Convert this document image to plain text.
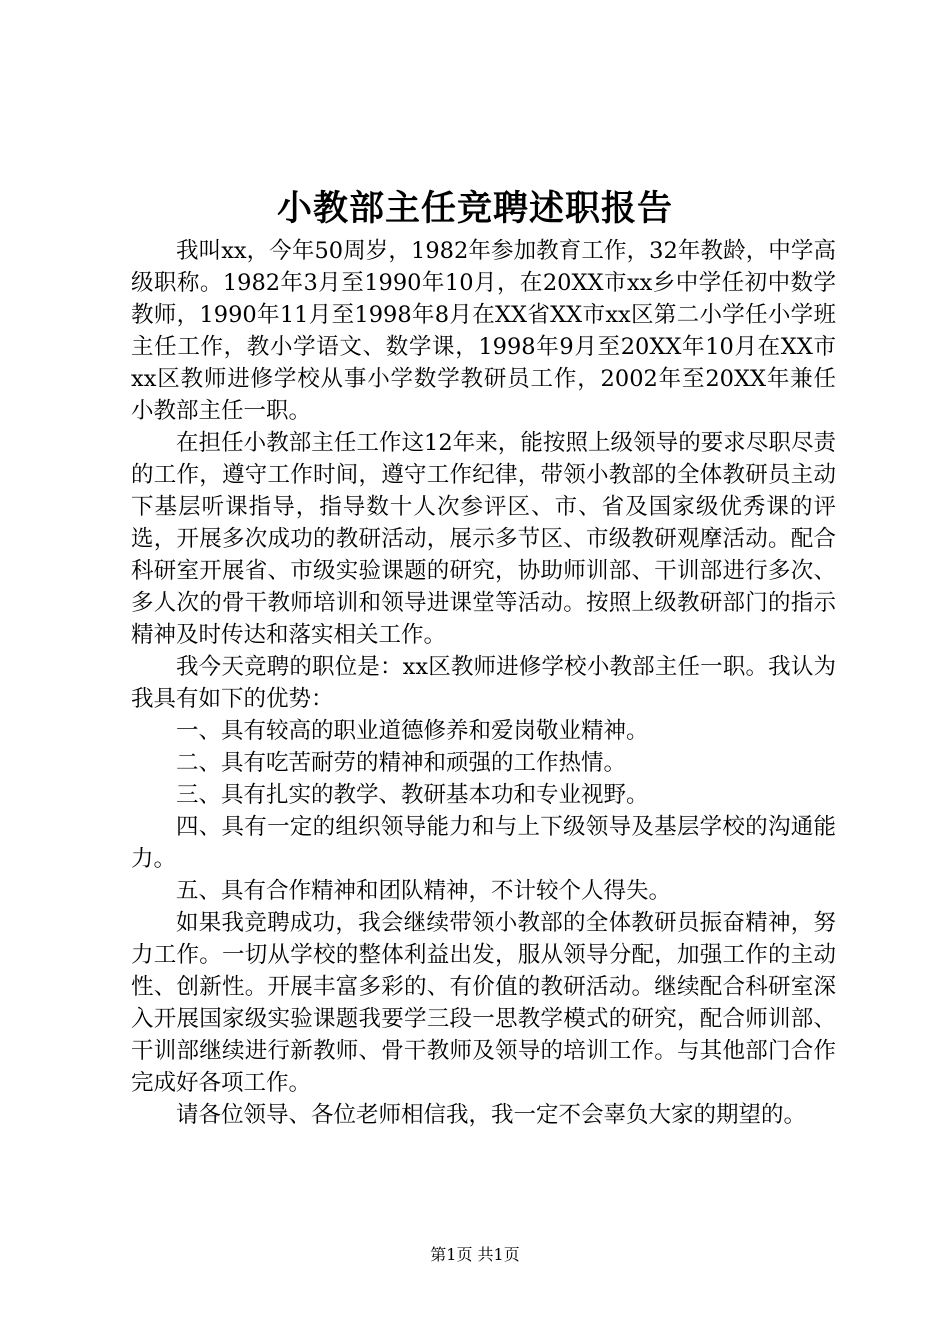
小教部主任竞聘述职报告

我叫xx，今年50周岁，1982年参加教育工作，32年教龄，中学高级职称。1982年3月至1990年10月，在20XX市xx乡中学任初中数学教师，1990年11月至1998年8月在XX省XX市xx区第二小学任小学班主任工作，教小学语文、数学课，1998年9月至20XX年10月在XX市xx区教师进修学校从事小学数学教研员工作，2002年至20XX年兼任小教部主任一职。

在担任小教部主任工作这12年来，能按照上级领导的要求尽职尽责的工作，遵守工作时间，遵守工作纪律，带领小教部的全体教研员主动下基层听课指导，指导数十人次参评区、市、省及国家级优秀课的评选，开展多次成功的教研活动，展示多节区、市级教研观摩活动。配合科研室开展省、市级实验课题的研究，协助师训部、干训部进行多次、多人次的骨干教师培训和领导进课堂等活动。按照上级教研部门的指示精神及时传达和落实相关工作。

我今天竞聘的职位是：xx区教师进修学校小教部主任一职。我认为我具有如下的优势：

一、具有较高的职业道德修养和爱岗敬业精神。

二、具有吃苦耐劳的精神和顽强的工作热情。

三、具有扎实的教学、教研基本功和专业视野。

四、具有一定的组织领导能力和与上下级领导及基层学校的沟通能力。

五、具有合作精神和团队精神，不计较个人得失。

如果我竞聘成功，我会继续带领小教部的全体教研员振奋精神，努力工作。一切从学校的整体利益出发，服从领导分配，加强工作的主动性、创新性。开展丰富多彩的、有价值的教研活动。继续配合科研室深入开展国家级实验课题我要学三段一思教学模式的研究，配合师训部、干训部继续进行新教师、骨干教师及领导的培训工作。与其他部门合作完成好各项工作。

请各位领导、各位老师相信我，我一定不会辜负大家的期望的。

第1页 共1页
